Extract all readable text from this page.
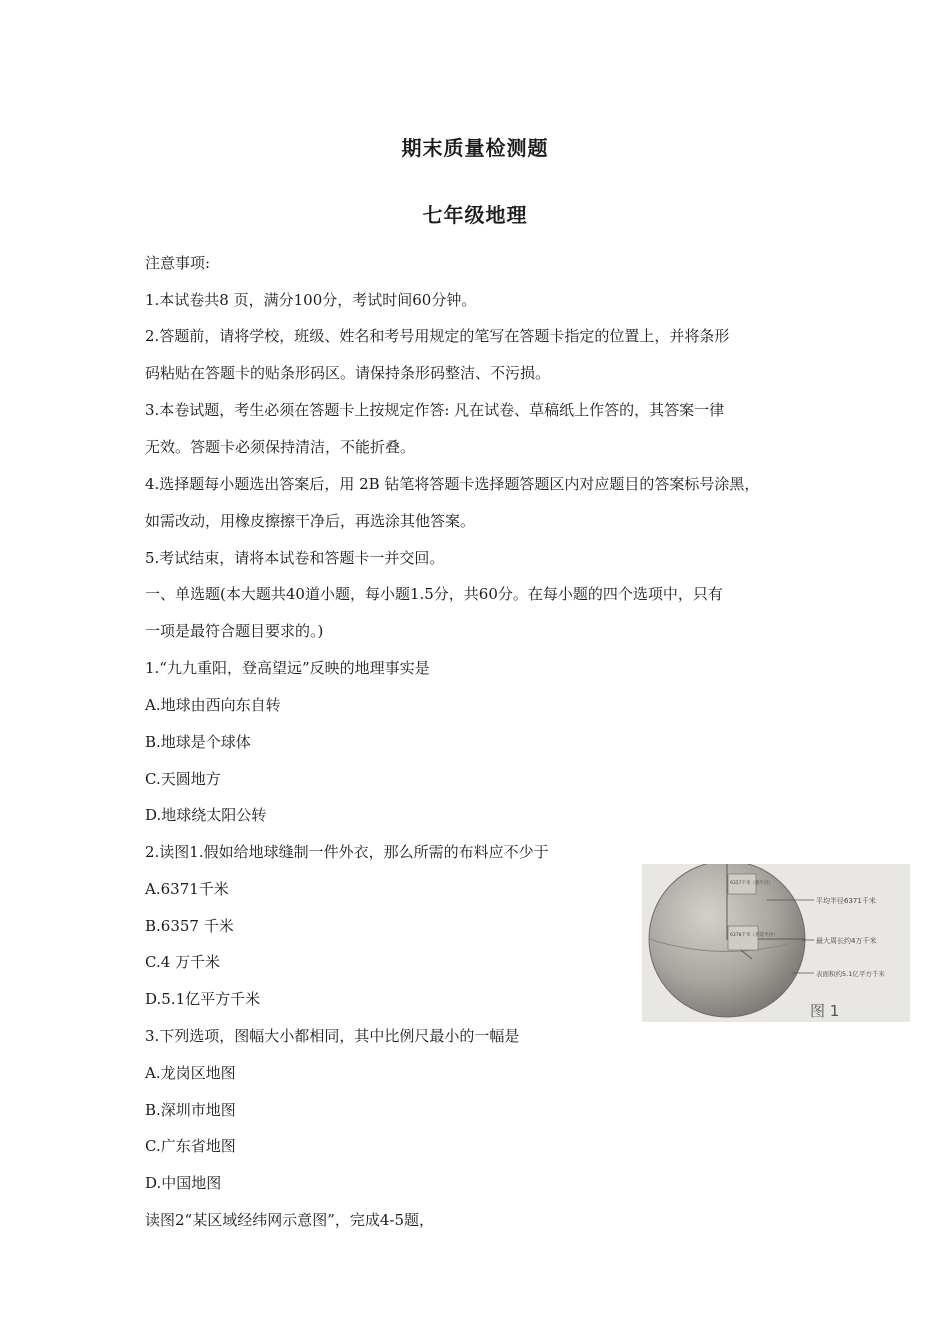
期末质量检测题
七年级地理

注意事项:

1.本试卷共8 页，满分100分，考试时间60分钟。

2.答题前，请将学校，班级、姓名和考号用规定的笔写在答题卡指定的位置上，并将条形

码粘贴在答题卡的贴条形码区。请保持条形码整洁、不污损。

3.本卷试题，考生必须在答题卡上按规定作答: 凡在试卷、草稿纸上作答的，其答案一律

无效。答题卡必须保持清洁，不能折叠。

4.选择题每小题选出答案后，用 2B 钻笔将答题卡选择题答题区内对应题目的答案标号涂黑，

如需改动，用橡皮擦擦干净后，再选涂其他答案。

5.考试结束，请将本试卷和答题卡一并交回。

一、单选题(本大题共40道小题，每小题1.5分，共60分。在每小题的四个选项中，只有

一项是最符合题目要求的。)

1.“九九重阳，登高望远”反映的地理事实是

A.地球由西向东自转

B.地球是个球体

C.天圆地方

D.地球绕太阳公转

2.读图1.假如给地球缝制一件外衣，那么所需的布料应不少于

A.6371千米

B.6357 千米

C.4 万千米

D.5.1亿平方千米

3.下列选项，图幅大小都相同，其中比例尺最小的一幅是

A.龙岗区地图

B.深圳市地图

C.广东省地图

D.中国地图

读图2“某区域经纬网示意图”，完成4-5题，

平均半径6371千米
最大周长约4万千米
表面积约5.1亿平方千米
6357千米（极半径）
6378千米（赤道半径）
图 1
